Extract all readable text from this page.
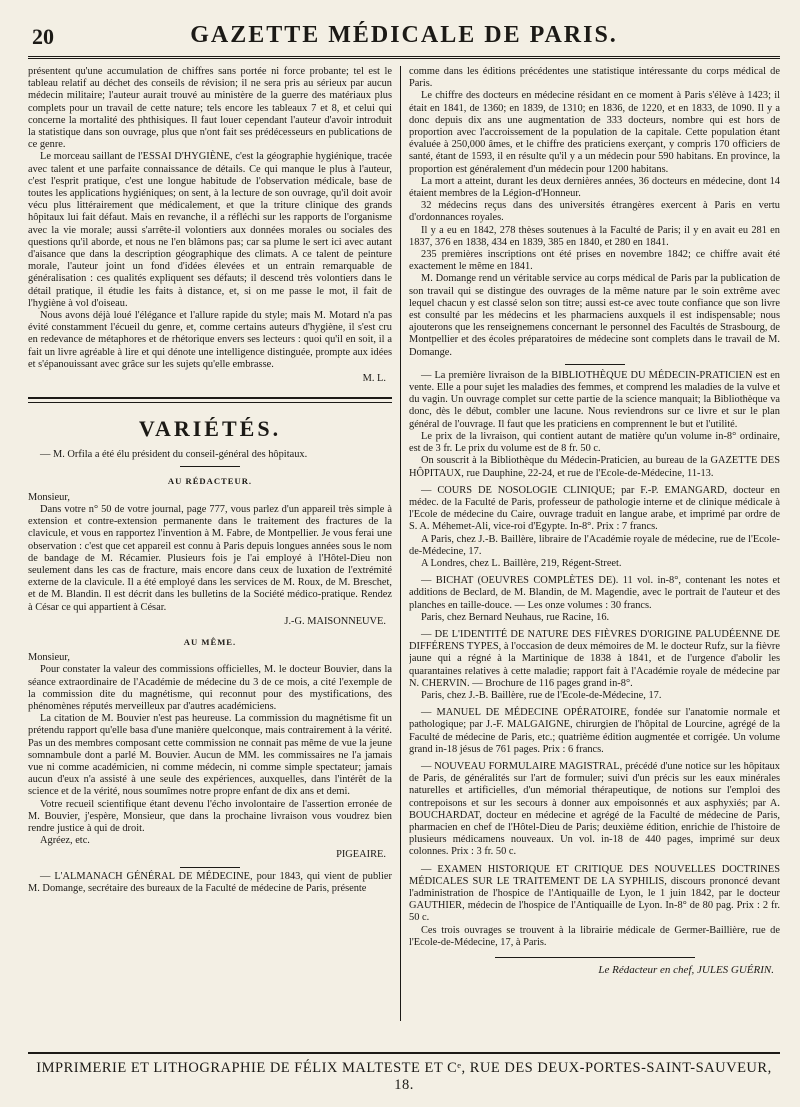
20	GAZETTE MÉDICALE DE PARIS.

présentent qu'une accumulation de chiffres sans portée ni force probante; tel est le tableau relatif au déchet des conseils de révision; il ne sera pris au sérieux par aucun médecin militaire; l'auteur aurait trouvé au ministère de la guerre des matériaux plus complets pour un travail de cette nature; tels encore les tableaux 7 et 8, et celui qui concerne la mortalité des phthisiques. Il faut louer cependant l'auteur d'avoir introduit la statistique dans son ouvrage, plus que n'ont fait ses prédécesseurs en publications de ce genre.

Le morceau saillant de l'ESSAI D'HYGIÈNE, c'est la géographie hygiénique, tracée avec talent et une parfaite connaissance de détails. Ce qui manque le plus à l'auteur, c'est l'esprit pratique, c'est une longue habitude de l'observation médicale, base de toutes les applications hygiéniques; on sent, à la lecture de son ouvrage, qu'il doit avoir vécu plus littérairement que médicalement, et que la triture clinique des grands hôpitaux lui fait défaut. Mais en revanche, il a réfléchi sur les rapports de l'organisme avec la vie morale; aussi s'arrête-il volontiers aux données morales ou sociales des questions qu'il aborde, et nous ne l'en blâmons pas; car sa plume le sert ici avec autant d'aisance que dans la description géographique des climats. A ce talent de peinture morale, l'auteur joint un fond d'idées élevées et un entrain remarquable de généralisation : ces qualités expliquent ses défauts; il descend très volontiers dans le détail pratique, il étudie les faits à distance, et, si on me passe le mot, il fait de l'hygiène à vol d'oiseau.

Nous avons déjà loué l'élégance et l'allure rapide du style; mais M. Motard n'a pas évité constamment l'écueil du genre, et, comme certains auteurs d'hygiène, il s'est cru en redevance de métaphores et de rhétorique envers ses lecteurs : quoi qu'il en soit, il a fait un livre agréable à lire et qui dénote une intelligence distinguée, prompte aux idées et s'épanouissant avec grâce sur les sujets qu'elle embrasse.

M. L.
VARIÉTÉS.

— M. Orfila a été élu président du conseil-général des hôpitaux.

AU RÉDACTEUR.

Monsieur,

Dans votre n° 50 de votre journal, page 777, vous parlez d'un appareil très simple à extension et contre-extension permanente dans le traitement des fractures de la clavicule, et vous en rapportez l'invention à M. Fabre, de Montpellier. Je vous ferai une observation : c'est que cet appareil est connu à Paris depuis longues années sous le nom de bandage de M. Récamier. Plusieurs fois je l'ai employé à l'Hôtel-Dieu non seulement dans les cas de fracture, mais encore dans ceux de luxation de l'extrémité externe de la clavicule. Il a été employé dans les services de M. Roux, de M. Breschet, et de M. Blandin. Il est décrit dans les bulletins de la Société médico-pratique. Rendez à César ce qui appartient à César.

J.-G. MAISONNEUVE.
AU MÊME.

Monsieur,

Pour constater la valeur des commissions officielles, M. le docteur Bouvier, dans la séance extraordinaire de l'Académie de médecine du 3 de ce mois, a cité l'exemple de la commission dite du magnétisme, qui reconnut pour des mystifications, des phénomènes réputés merveilleux par d'autres académiciens.

La citation de M. Bouvier n'est pas heureuse. La commission du magnétisme fit un prétendu rapport qu'elle basa d'une manière quelconque, mais contrairement à la vérité. Pas un des membres composant cette commission ne connait pas même de vue la jeune somnambule dont a parlé M. Bouvier. Aucun de MM. les commissaires ne l'a jamais vue ni comme académicien, ni comme médecin, ni comme simple spectateur; jamais aucun d'eux n'a assisté à une seule des expériences, auxquelles, dans l'intérêt de la science et de la vérité, nous soumîmes notre propre enfant de dix ans et demi.

Votre recueil scientifique étant devenu l'écho involontaire de l'assertion erronée de M. Bouvier, j'espère, Monsieur, que dans la prochaine livraison vous voudrez bien rendre justice à qui de droit.

Agréez, etc.

PIGEAIRE.

— L'ALMANACH GÉNÉRAL DE MÉDECINE, pour 1843, qui vient de publier M. Domange, secrétaire des bureaux de la Faculté de médecine de Paris, présente

comme dans les éditions précédentes une statistique intéressante du corps médical de Paris.

Le chiffre des docteurs en médecine résidant en ce moment à Paris s'élève à 1423; il était en 1841, de 1360; en 1839, de 1310; en 1836, de 1220, et en 1833, de 1090. Il y a donc depuis dix ans une augmentation de 333 docteurs, nombre qui est hors de proportion avec l'accroissement de la population de la capitale. Cette population étant évaluée à 250,000 âmes, et le chiffre des praticiens exerçant, y compris 170 officiers de santé, étant de 1593, il en résulte qu'il y a un médecin pour 590 habitans. En province, la proportion est généralement d'un médecin pour 1200 habitans.

La mort a atteint, durant les deux dernières années, 36 docteurs en médecine, dont 14 étaient membres de la Légion-d'Honneur.

32 médecins reçus dans des universités étrangères exercent à Paris en vertu d'ordonnances royales.

Il y a eu en 1842, 278 thèses soutenues à la Faculté de Paris; il y en avait eu 281 en 1837, 376 en 1838, 434 en 1839, 385 en 1840, et 280 en 1841.

235 premières inscriptions ont été prises en novembre 1842; ce chiffre avait été exactement le même en 1841.

M. Domange rend un véritable service au corps médical de Paris par la publication de son travail qui se distingue des ouvrages de la même nature par le soin extrême avec lequel chacun y est classé selon son titre; aussi est-ce avec toute confiance que son livre est consulté par les médecins et les pharmaciens auxquels il est indispensable; nous ajouterons que les renseignemens concernant le personnel des Facultés de Strasbourg, de Montpellier et des écoles préparatoires de médecine sont complets dans le travail de M. Domange.

— La première livraison de la BIBLIOTHÈQUE DU MÉDECIN-PRATICIEN est en vente. Elle a pour sujet les maladies des femmes, et comprend les maladies de la vulve et du vagin. Un ouvrage complet sur cette partie de la science manquait; la Bibliothèque va donc, dès le début, combler une lacune. Nous reviendrons sur ce livre et sur le plan général de l'ouvrage. Il faut que les praticiens en comprennent le but et l'utilité.

Le prix de la livraison, qui contient autant de matière qu'un volume in-8° ordinaire, est de 3 fr. Le prix du volume est de 8 fr. 50 c.

On souscrit à la Bibliothèque du Médecin-Praticien, au bureau de la GAZETTE DES HÔPITAUX, rue Dauphine, 22-24, et rue de l'Ecole-de-Médecine, 11-13.

— COURS DE NOSOLOGIE CLINIQUE; par F.-P. EMANGARD, docteur en médec. de la Faculté de Paris, professeur de pathologie interne et de clinique médicale à l'Ecole de médecine du Caire, ouvrage traduit en langue arabe, et imprimé par ordre de S. A. Méhemet-Ali, vice-roi d'Egypte. In-8°. Prix : 7 francs.

A Paris, chez J.-B. Baillère, libraire de l'Académie royale de médecine, rue de l'Ecole-de-Médecine, 17.

A Londres, chez L. Baillère, 219, Régent-Street.

— BICHAT (OEUVRES COMPLÈTES DE). 11 vol. in-8°, contenant les notes et additions de Beclard, de M. Blandin, de M. Magendie, avec le portrait de l'auteur et des planches en taille-douce. — Les onze volumes : 30 francs.

Paris, chez Bernard Neuhaus, rue Racine, 16.

— DE L'IDENTITÉ DE NATURE DES FIÈVRES D'ORIGINE PALUDÉENNE DE DIFFÉRENS TYPES, à l'occasion de deux mémoires de M. le docteur Rufz, sur la fièvre jaune qui a régné à la Martinique de 1838 à 1841, et de l'urgence d'abolir les quarantaines relatives à cette maladie; rapport fait à l'Académie royale de médecine par N. CHERVIN. — Brochure de 116 pages grand in-8°.

Paris, chez J.-B. Baillère, rue de l'Ecole-de-Médecine, 17.

— MANUEL DE MÉDECINE OPÉRATOIRE, fondée sur l'anatomie normale et pathologique; par J.-F. MALGAIGNE, chirurgien de l'hôpital de Lourcine, agrégé de la Faculté de médecine de Paris, etc.; quatrième édition augmentée et corrigée. Un volume grand in-18 jésus de 761 pages. Prix : 6 francs.

— NOUVEAU FORMULAIRE MAGISTRAL, précédé d'une notice sur les hôpitaux de Paris, de généralités sur l'art de formuler; suivi d'un précis sur les eaux minérales naturelles et artificielles, d'un mémorial thérapeutique, de notions sur l'emploi des contrepoisons et sur les secours à donner aux empoisonnés et aux asphyxiés; par A. BOUCHARDAT, docteur en médecine et agrégé de la Faculté de médecine de Paris, pharmacien en chef de l'Hôtel-Dieu de Paris; deuxième édition, enrichie de l'histoire de plusieurs médicamens nouveaux. Un vol. in-18 de 440 pages, imprimé sur deux colonnes. Prix : 3 fr. 50 c.

— EXAMEN HISTORIQUE ET CRITIQUE DES NOUVELLES DOCTRINES MÉDICALES SUR LE TRAITEMENT DE LA SYPHILIS, discours prononcé devant l'administration de l'hospice de l'Antiquaille de Lyon, le 1 juin 1842, par le docteur GAUTHIER, médecin de l'hospice de l'Antiquaille de Lyon. In-8° de 80 pag. Prix : 2 fr. 50 c.

Ces trois ouvrages se trouvent à la librairie médicale de Germer-Baillière, rue de l'Ecole-de-Médecine, 17, à Paris.

Le Rédacteur en chef, JULES GUÉRIN.
IMPRIMERIE ET LITHOGRAPHIE DE FÉLIX MALTESTE ET Cᵉ, RUE DES DEUX-PORTES-SAINT-SAUVEUR, 18.
